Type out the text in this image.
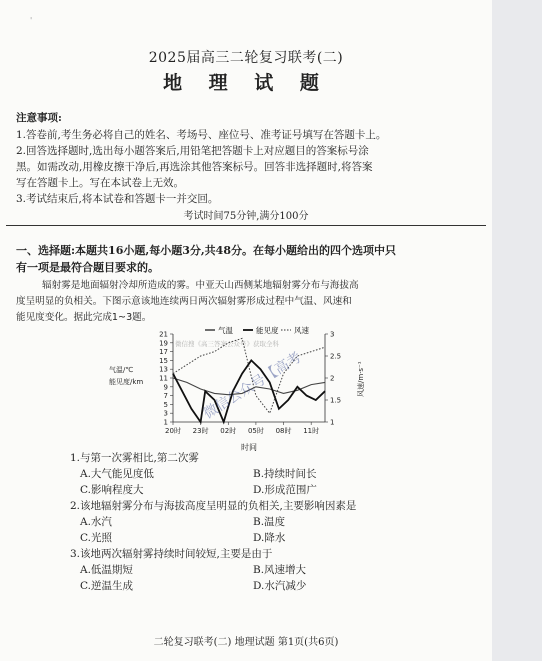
'
2025届高三二轮复习联考(二)
地 理 试 题
注意事项:
1.答卷前,考生务必将自己的姓名、考场号、座位号、准考证号填写在答题卡上。
2.回答选择题时,选出每小题答案后,用铅笔把答题卡上对应题目的答案标号涂
黑。如需改动,用橡皮擦干净后,再选涂其他答案标号。回答非选择题时,将答案
写在答题卡上。写在本试卷上无效。
3.考试结束后,将本试卷和答题卡一并交回。
考试时间75分钟,满分100分
一、选择题:本题共16小题,每小题3分,共48分。在每小题给出的四个选项中只
有一项是最符合题目要求的。
辐射雾是地面辐射冷却所造成的雾。中亚天山西侧某地辐射雾分布与海拔高
度呈明显的负相关。下图示意该地连续两日两次辐射雾形成过程中气温、风速和
能见度变化。据此完成1~3题。
气温	能见度 风速
1
3
5
7
9
11
13
15
17
19
21
1
1.5
2
2.5
3
20时 23时 02时 05时 08时 11时
气温/℃ 能见度/km	风速/m·s⁻¹
时间
微信搜《高三答案公众号》获取全科
微信公众号【高考
1.与第一次雾相比,第二次雾
A.大气能见度低	B.持续时间长
C.影响程度大	D.形成范围广
2.该地辐射雾分布与海拔高度呈明显的负相关,主要影响因素是
A.水汽	B.温度
C.光照	D.降水
3.该地两次辐射雾持续时间较短,主要是由于
A.低温期短	B.风速增大
C.逆温生成	D.水汽减少
二轮复习联考(二) 地理试题 第1页(共6页)
